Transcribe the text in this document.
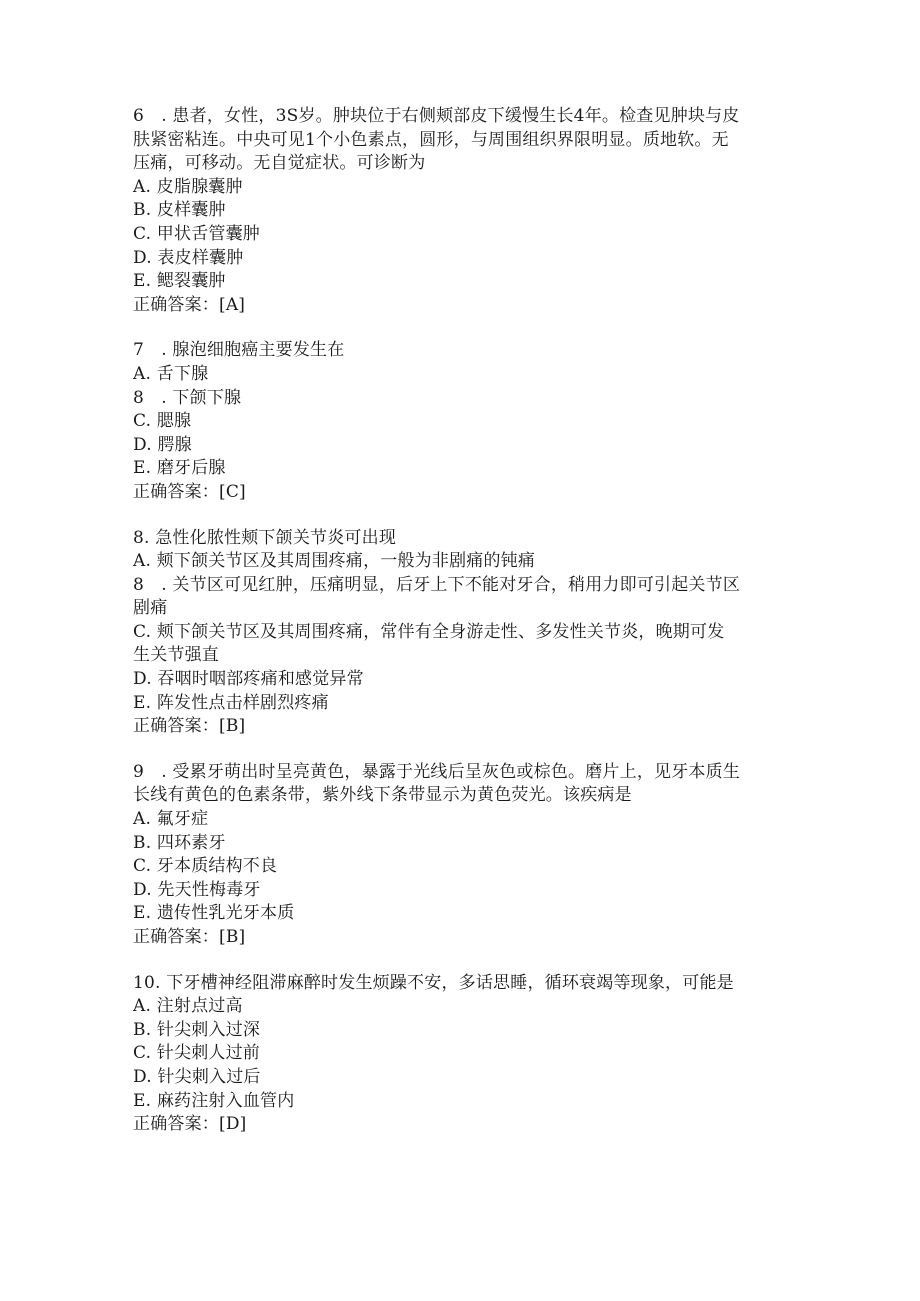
6　. 患者，女性，3S岁。肿块位于右侧颊部皮下缓慢生长4年。检查见肿块与皮
肤紧密粘连。中央可见1个小色素点，圆形，与周围组织界限明显。质地软。无
压痛，可移动。无自觉症状。可诊断为
A. 皮脂腺囊肿
B. 皮样囊肿
C. 甲状舌管囊肿
D. 表皮样囊肿
E. 鳃裂囊肿
正确答案：[A]
7　. 腺泡细胞癌主要发生在
A. 舌下腺
8　. 下颌下腺
C. 腮腺
D. 腭腺
E. 磨牙后腺
正确答案：[C]
8. 急性化脓性颊下颌关节炎可出现
A. 颊下颌关节区及其周围疼痛，一般为非剧痛的钝痛
8　. 关节区可见红肿，压痛明显，后牙上下不能对牙合，稍用力即可引起关节区
剧痛
C. 颊下颌关节区及其周围疼痛，常伴有全身游走性、多发性关节炎，晚期可发
生关节强直
D. 吞咽时咽部疼痛和感觉异常
E. 阵发性点击样剧烈疼痛
正确答案：[B]
9　. 受累牙萌出时呈亮黄色，暴露于光线后呈灰色或棕色。磨片上，见牙本质生
长线有黄色的色素条带，紫外线下条带显示为黄色荧光。该疾病是
A. 氟牙症
B. 四环素牙
C. 牙本质结构不良
D. 先天性梅毒牙
E. 遗传性乳光牙本质
正确答案：[B]
10. 下牙槽神经阻滞麻醉时发生烦躁不安，多话思睡，循环衰竭等现象，可能是
A. 注射点过高
B. 针尖刺入过深
C. 针尖刺人过前
D. 针尖刺入过后
E. 麻药注射入血管内
正确答案：[D]
